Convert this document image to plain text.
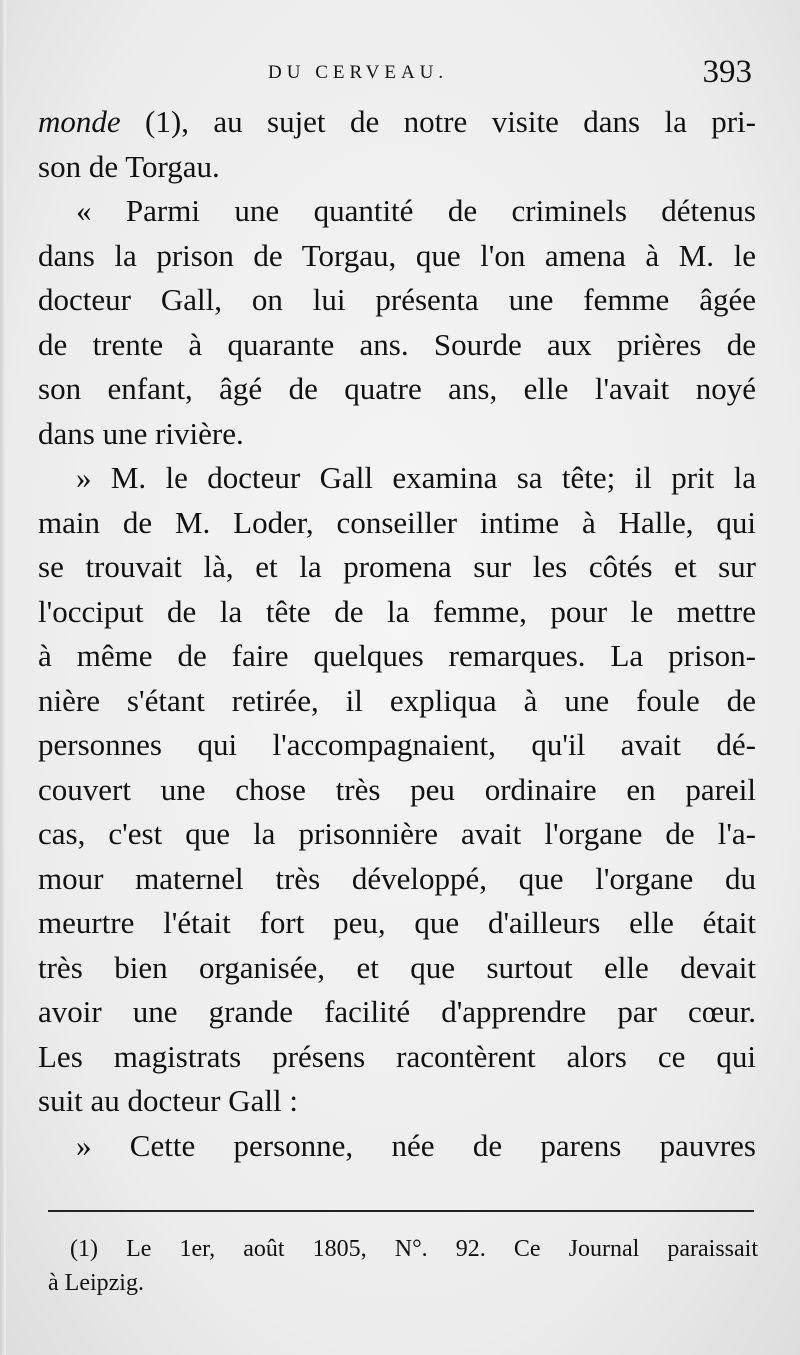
DU CERVEAU.	393
monde (1), au sujet de notre visite dans la pri-
son de Torgau.
« Parmi une quantité de criminels détenus
dans la prison de Torgau, que l'on amena à M. le
docteur Gall, on lui présenta une femme âgée
de trente à quarante ans. Sourde aux prières de
son enfant, âgé de quatre ans, elle l'avait noyé
dans une rivière.
» M. le docteur Gall examina sa tête; il prit la
main de M. Loder, conseiller intime à Halle, qui
se trouvait là, et la promena sur les côtés et sur
l'occiput de la tête de la femme, pour le mettre
à même de faire quelques remarques. La prison-
nière s'étant retirée, il expliqua à une foule de
personnes qui l'accompagnaient, qu'il avait dé-
couvert une chose très peu ordinaire en pareil
cas, c'est que la prisonnière avait l'organe de l'a-
mour maternel très développé, que l'organe du
meurtre l'était fort peu, que d'ailleurs elle était
très bien organisée, et que surtout elle devait
avoir une grande facilité d'apprendre par cœur.
Les magistrats présens racontèrent alors ce qui
suit au docteur Gall :
» Cette personne, née de parens pauvres
(1) Le 1er, août 1805, N°. 92. Ce Journal paraissait
à Leipzig.
